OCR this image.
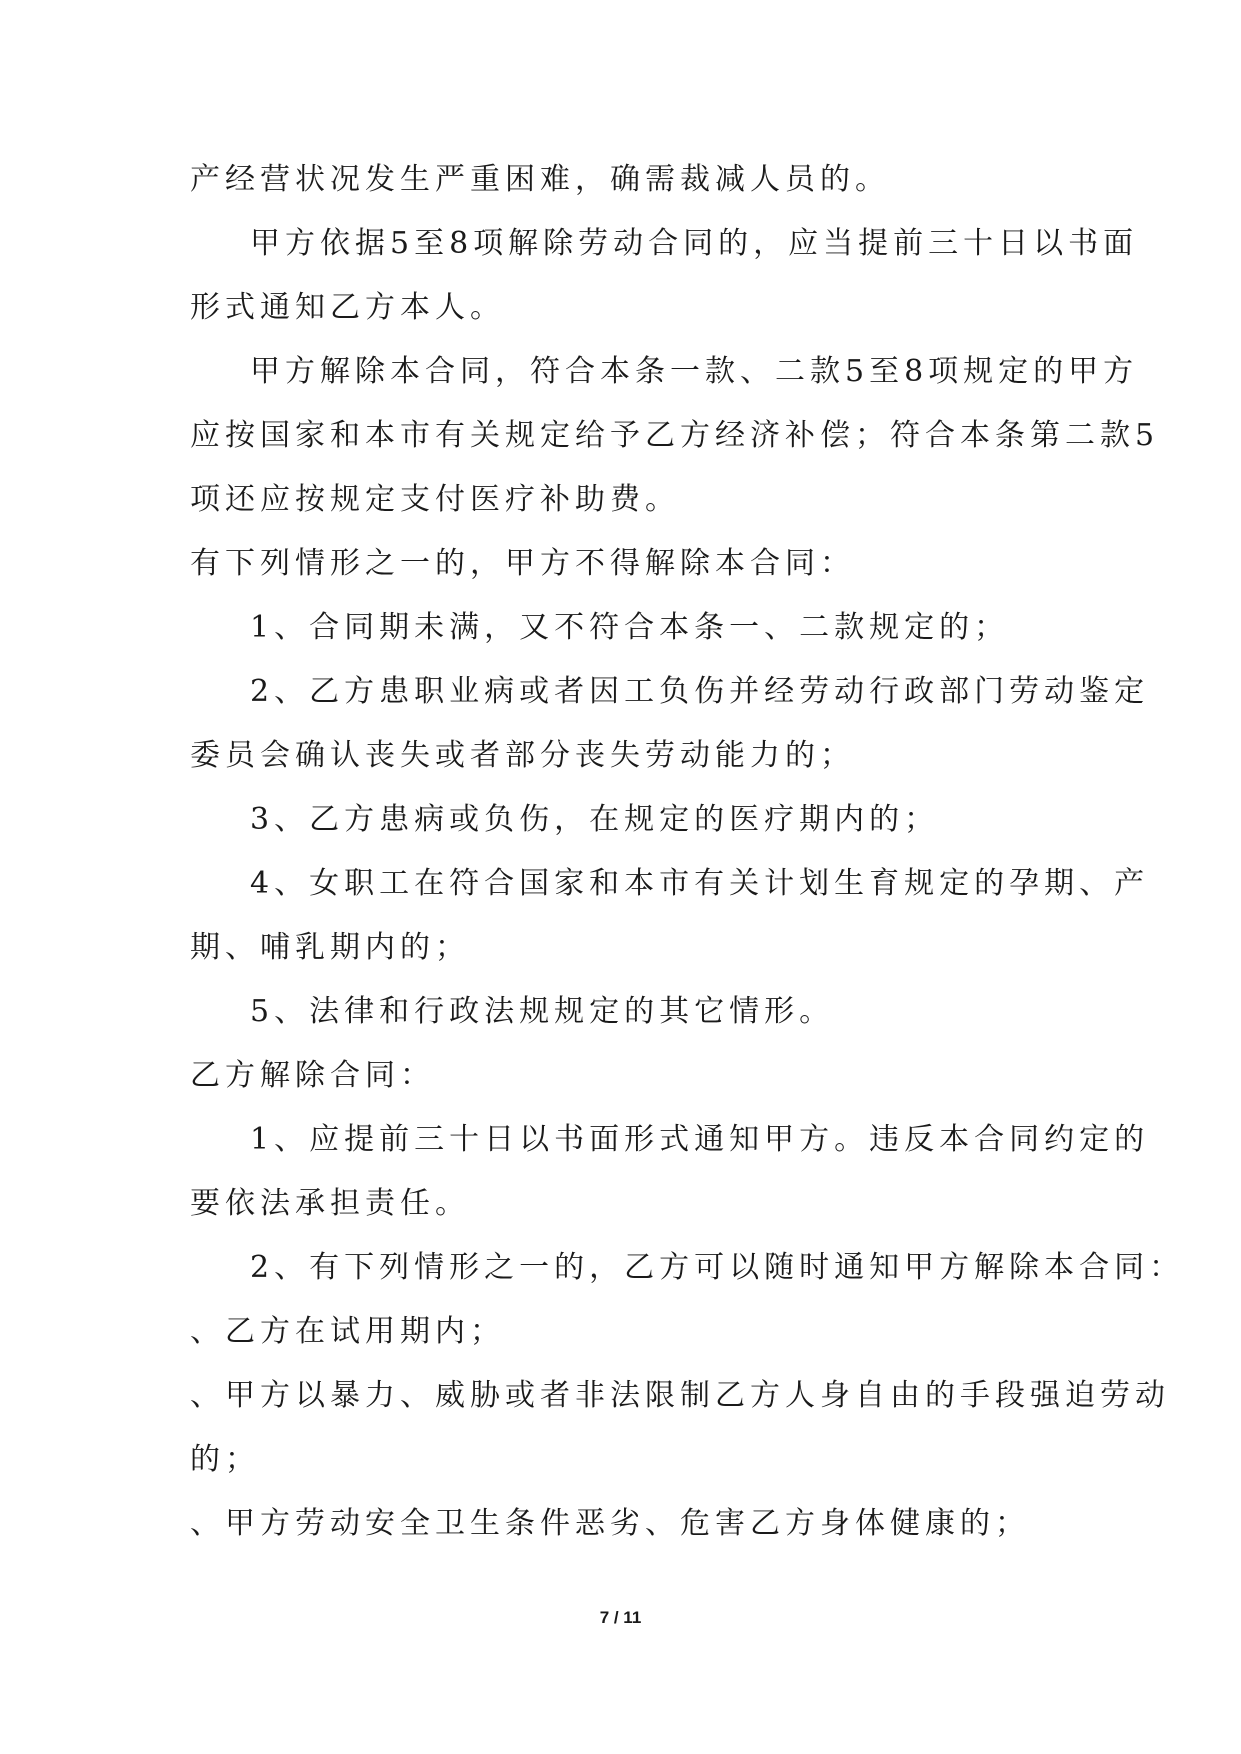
产经营状况发生严重困难，确需裁减人员的。
甲方依据5至8项解除劳动合同的，应当提前三十日以书面
形式通知乙方本人。
甲方解除本合同，符合本条一款、二款5至8项规定的甲方
应按国家和本市有关规定给予乙方经济补偿；符合本条第二款5
项还应按规定支付医疗补助费。
有下列情形之一的，甲方不得解除本合同：
1、合同期未满，又不符合本条一、二款规定的；
2、乙方患职业病或者因工负伤并经劳动行政部门劳动鉴定
委员会确认丧失或者部分丧失劳动能力的；
3、乙方患病或负伤，在规定的医疗期内的；
4、女职工在符合国家和本市有关计划生育规定的孕期、产
期、哺乳期内的；
5、法律和行政法规规定的其它情形。
乙方解除合同：
1、应提前三十日以书面形式通知甲方。违反本合同约定的
要依法承担责任。
2、有下列情形之一的，乙方可以随时通知甲方解除本合同：
、乙方在试用期内；
、甲方以暴力、威胁或者非法限制乙方人身自由的手段强迫劳动
的；
、甲方劳动安全卫生条件恶劣、危害乙方身体健康的；
7 / 11
